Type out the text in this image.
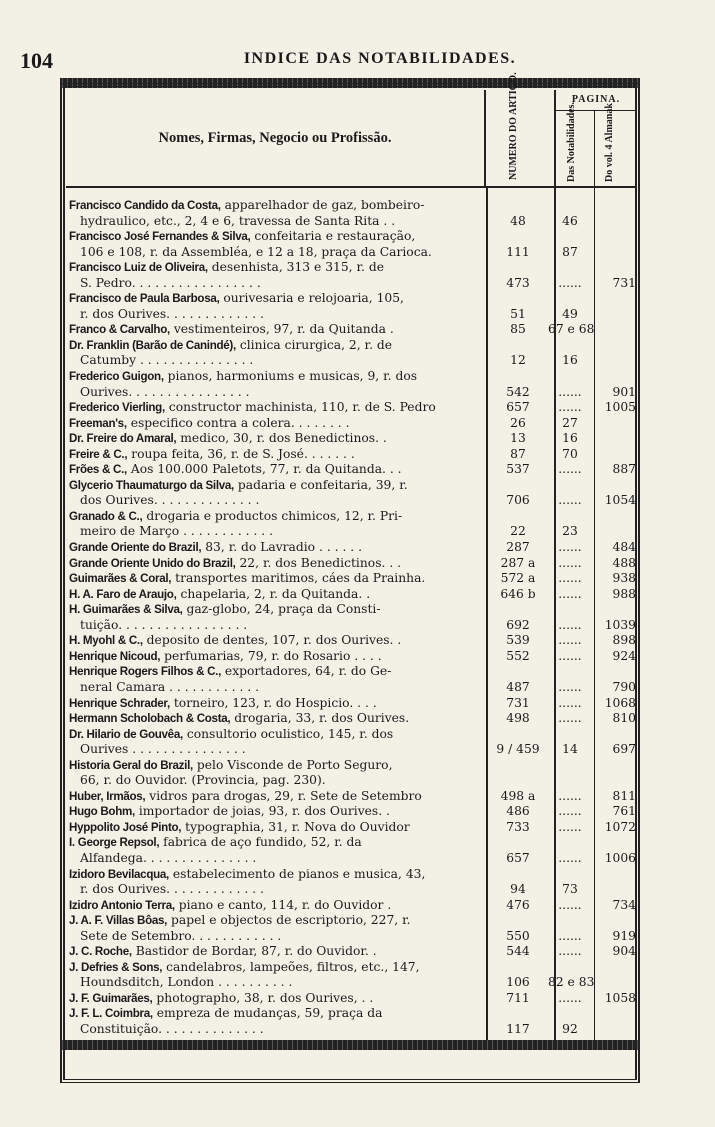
104	INDICE DAS NOTABILIDADES.
Nomes, Firmas, Negocio ou Profissão.	NUMERO DO ARTIGO.	PAGINA.
Das Notabilidades.	Do vol. 4 Almanak
Francisco Candido da Costa, apparelhador de gaz, bombeiro-
hydraulico, etc., 2, 4 e 6, travessa de Santa Rita . .	48	46
Francisco José Fernandes & Silva, confeitaria e restauração,
106 e 108, r. da Assembléa, e 12 a 18, praça da Carioca.	111	87
Francisco Luiz de Oliveira, desenhista, 313 e 315, r. de
S. Pedro. . . . . . . . . . . . . . . . .	473	......	731
Francisco de Paula Barbosa, ourivesaria e relojoaria, 105,
r. dos Ourives. . . . . . . . . . . . .	51	49
Franco & Carvalho, vestimenteiros, 97, r. da Quitanda .	85	67 e 68
Dr. Franklin (Barão de Canindé), clinica cirurgica, 2, r. de
Catumby . . . . . . . . . . . . . . .	12	16
Frederico Guigon, pianos, harmoniums e musicas, 9, r. dos
Ourives. . . . . . . . . . . . . . . .	542	......	901
Frederico Vierling, constructor machinista, 110, r. de S. Pedro	657	......	1005
Freeman's, especifico contra a colera. . . . . . . .	26	27
Dr. Freire do Amaral, medico, 30, r. dos Benedictinos. .	13	16
Freire & C., roupa feita, 36, r. de S. José. . . . . . .	87	70
Frões & C., Aos 100.000 Paletots, 77, r. da Quitanda. . .	537	......	887
Glycerio Thaumaturgo da Silva, padaria e confeitaria, 39, r.
dos Ourives. . . . . . . . . . . . . .	706	......	1054
Granado & C., drogaria e productos chimicos, 12, r. Pri-
meiro de Março . . . . . . . . . . . .	22	23
Grande Oriente do Brazil, 83, r. do Lavradio . . . . . .	287	......	484
Grande Oriente Unido do Brazil, 22, r. dos Benedictinos. . .	287 a	......	488
Guimarães & Coral, transportes maritimos, cáes da Prainha.	572 a	......	938
H. A. Faro de Araujo, chapelaria, 2, r. da Quitanda. .	646 b	......	988
H. Guimarães & Silva, gaz-globo, 24, praça da Consti-
tuição. . . . . . . . . . . . . . . . .	692	......	1039
H. Myohl & C., deposito de dentes, 107, r. dos Ourives. .	539	......	898
Henrique Nicoud, perfumarias, 79, r. do Rosario . . . .	552	......	924
Henrique Rogers Filhos & C., exportadores, 64, r. do Ge-
neral Camara . . . . . . . . . . . .	487	......	790
Henrique Schrader, torneiro, 123, r. do Hospicio. . . .	731	......	1068
Hermann Scholobach & Costa, drogaria, 33, r. dos Ourives.	498	......	810
Dr. Hilario de Gouvêa, consultorio oculistico, 145, r. dos
Ourives . . . . . . . . . . . . . . .	9 / 459	14	697
Historia Geral do Brazil, pelo Visconde de Porto Seguro,
66, r. do Ouvidor. (Provincia, pag. 230).
Huber, Irmãos, vidros para drogas, 29, r. Sete de Setembro	498 a	......	811
Hugo Bohm, importador de joias, 93, r. dos Ourives. .	486	......	761
Hyppolito José Pinto, typographia, 31, r. Nova do Ouvidor	733	......	1072
I. George Repsol, fabrica de aço fundido, 52, r. da
Alfandega. . . . . . . . . . . . . . .	657	......	1006
Izidoro Bevilacqua, estabelecimento de pianos e musica, 43,
r. dos Ourives. . . . . . . . . . . . .	94	73
Izidro Antonio Terra, piano e canto, 114, r. do Ouvidor .	476	......	734
J. A. F. Villas Bôas, papel e objectos de escriptorio, 227, r.
Sete de Setembro. . . . . . . . . . . .	550	......	919
J. C. Roche, Bastidor de Bordar, 87, r. do Ouvidor. .	544	......	904
J. Defries & Sons, candelabros, lampeões, filtros, etc., 147,
Houndsditch, London . . . . . . . . . .	106	82 e 83
J. F. Guimarães, photographo, 38, r. dos Ourives, . .	711	......	1058
J. F. L. Coimbra, empreza de mudanças, 59, praça da
Constituição. . . . . . . . . . . . . .	117	92
